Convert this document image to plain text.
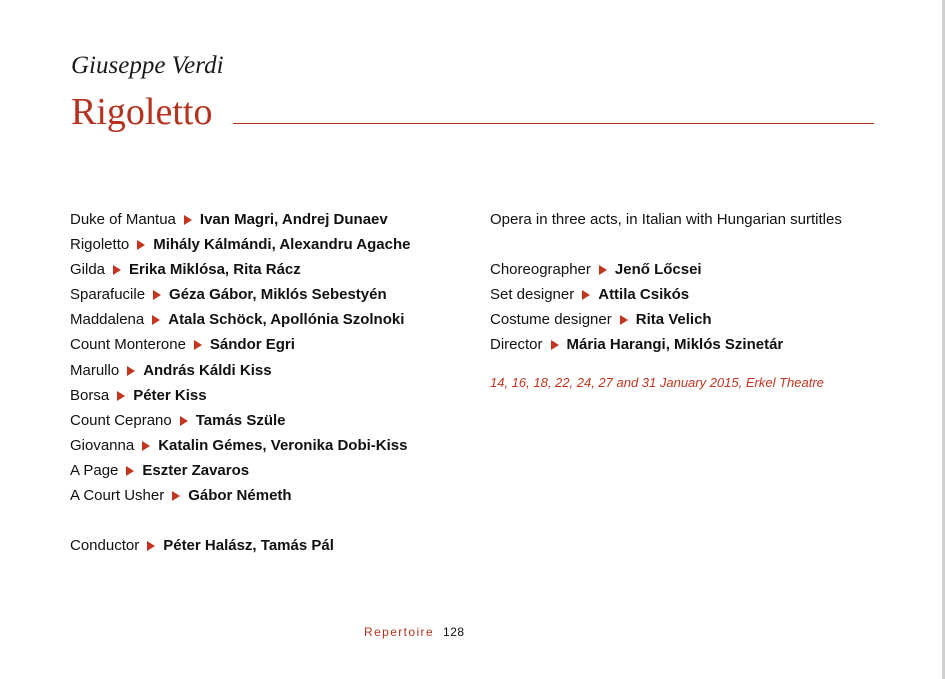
Giuseppe Verdi
Rigoletto
Duke of Mantua Ivan Magri, Andrej Dunaev
Rigoletto Mihály Kálmándi, Alexandru Agache
Gilda Erika Miklósa, Rita Rácz
Sparafucile Géza Gábor, Miklós Sebestyén
Maddalena Atala Schöck, Apollónia Szolnoki
Count Monterone Sándor Egri
Marullo András Káldi Kiss
Borsa Péter Kiss
Count Ceprano Tamás Szüle
Giovanna Katalin Gémes, Veronika Dobi-Kiss
A Page Eszter Zavaros
A Court Usher Gábor Németh
Conductor Péter Halász, Tamás Pál
Opera in three acts, in Italian with Hungarian surtitles
Choreographer Jenő Lőcsei
Set designer Attila Csikós
Costume designer Rita Velich
Director Mária Harangi, Miklós Szinetár
14, 16, 18, 22, 24, 27 and 31 January 2015, Erkel Theatre
Repertoire 128
